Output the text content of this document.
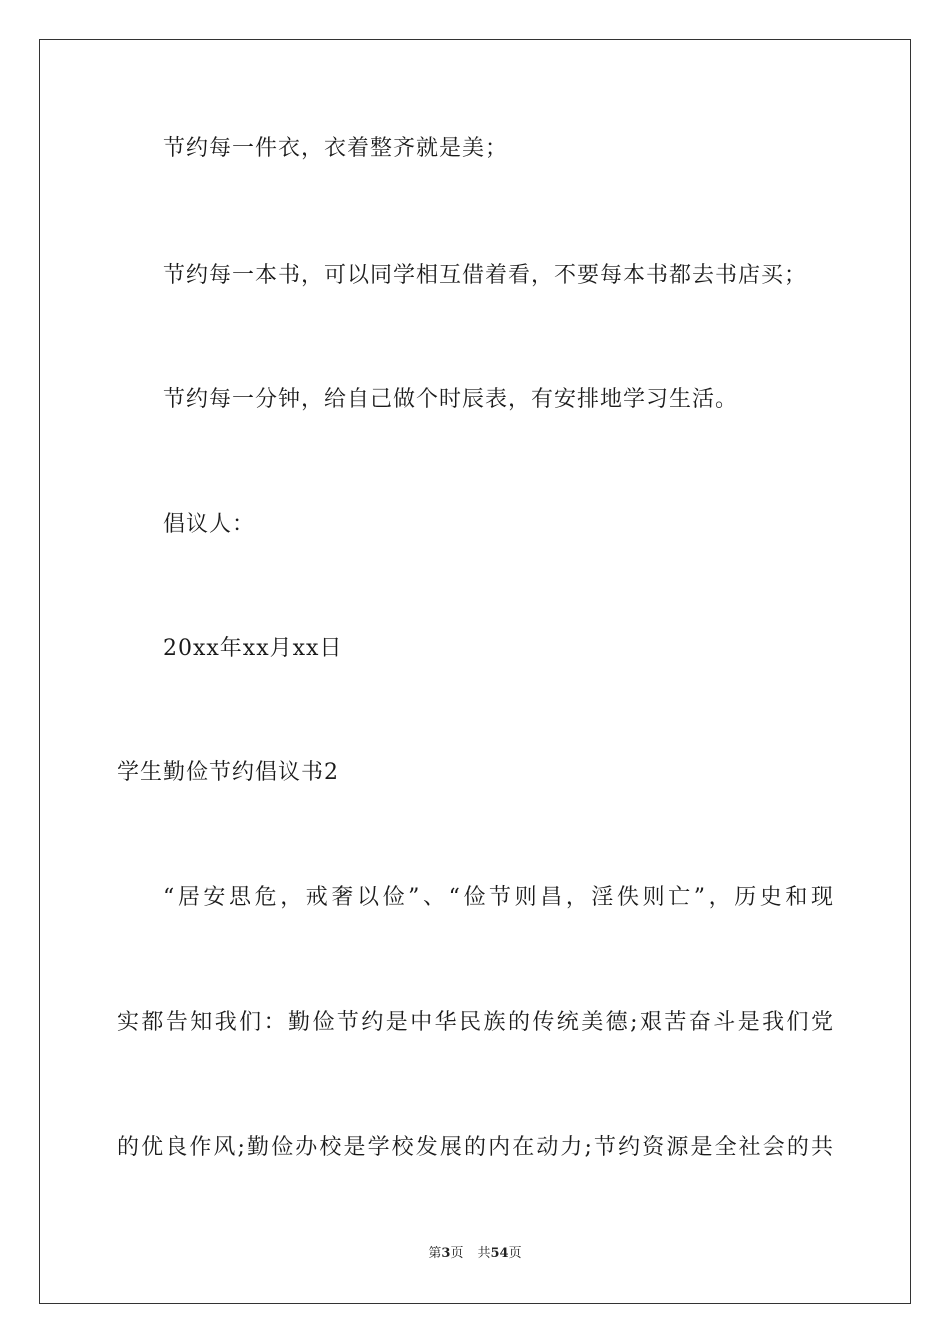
节约每一件衣，衣着整齐就是美；
节约每一本书，可以同学相互借着看，不要每本书都去书店买；
节约每一分钟，给自己做个时辰表，有安排地学习生活。
倡议人：
20xx年xx月xx日
学生勤俭节约倡议书2
“居安思危，戒奢以俭”、“俭节则昌，淫佚则亡”，历史和现
实都告知我们：勤俭节约是中华民族的传统美德;艰苦奋斗是我们党
的优良作风;勤俭办校是学校发展的内在动力;节约资源是全社会的共
第3页 共54页
